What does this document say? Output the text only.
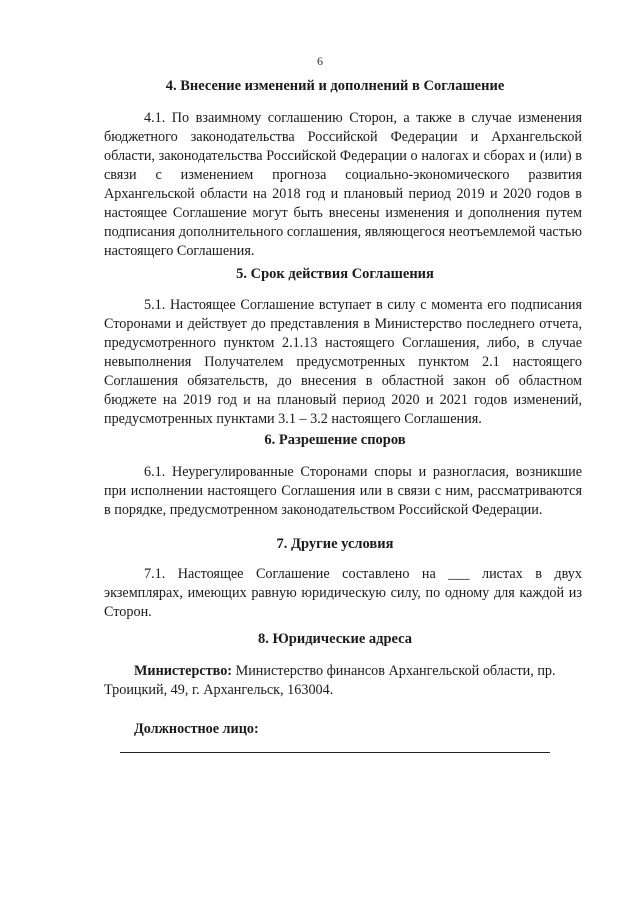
6
4. Внесение изменений и дополнений в Соглашение

4.1. По взаимному соглашению Сторон, а также в случае изменения бюджетного законодательства Российской Федерации и Архангельской области, законодательства Российской Федерации о налогах и сборах и (или) в связи с изменением прогноза социально-экономического развития Архангельской области на 2018 год и плановый период 2019 и 2020 годов в настоящее Соглашение могут быть внесены изменения и дополнения путем подписания дополнительного соглашения, являющегося неотъемлемой частью настоящего Соглашения.

5. Срок действия Соглашения

5.1. Настоящее Соглашение вступает в силу с момента его подписания Сторонами и действует до представления в Министерство последнего отчета, предусмотренного пунктом 2.1.13 настоящего Соглашения, либо, в случае невыполнения Получателем предусмотренных пунктом 2.1 настоящего Соглашения обязательств, до внесения в областной закон об областном бюджете на 2019 год и на плановый период 2020 и 2021 годов изменений, предусмотренных пунктами 3.1 – 3.2 настоящего Соглашения.

6. Разрешение споров

6.1. Неурегулированные Сторонами споры и разногласия, возникшие при исполнении настоящего Соглашения или в связи с ним, рассматриваются в порядке, предусмотренном законодательством Российской Федерации.

7. Другие условия

7.1. Настоящее Соглашение составлено на ___ листах в двух экземплярах, имеющих равную юридическую силу, по одному для каждой из Сторон.

8. Юридические адреса

Министерство: Министерство финансов Архангельской области, пр. Троицкий, 49, г. Архангельск, 163004.

Должностное лицо:
